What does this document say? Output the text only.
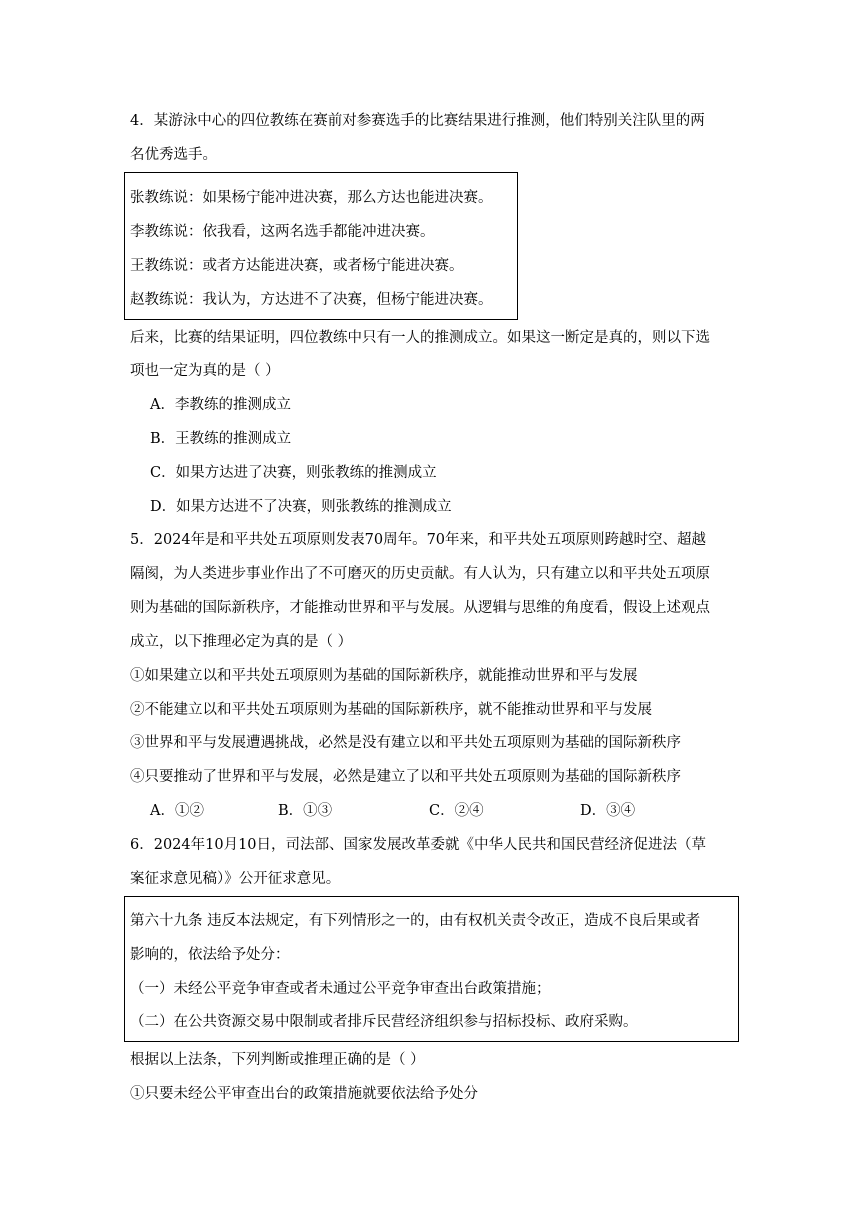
4．某游泳中心的四位教练在赛前对参赛选手的比赛结果进行推测，他们特别关注队里的两
名优秀选手。
张教练说：如果杨宁能冲进决赛，那么方达也能进决赛。
李教练说：依我看，这两名选手都能冲进决赛。
王教练说：或者方达能进决赛，或者杨宁能进决赛。
赵教练说：我认为，方达进不了决赛，但杨宁能进决赛。
后来，比赛的结果证明，四位教练中只有一人的推测成立。如果这一断定是真的，则以下选
项也一定为真的是（ ）
A．李教练的推测成立
B．王教练的推测成立
C．如果方达进了决赛，则张教练的推测成立
D．如果方达进不了决赛，则张教练的推测成立
5．2024年是和平共处五项原则发表70周年。70年来，和平共处五项原则跨越时空、超越
隔阂，为人类进步事业作出了不可磨灭的历史贡献。有人认为，只有建立以和平共处五项原
则为基础的国际新秩序，才能推动世界和平与发展。从逻辑与思维的角度看，假设上述观点
成立，以下推理必定为真的是（ ）
①如果建立以和平共处五项原则为基础的国际新秩序，就能推动世界和平与发展
②不能建立以和平共处五项原则为基础的国际新秩序，就不能推动世界和平与发展
③世界和平与发展遭遇挑战，必然是没有建立以和平共处五项原则为基础的国际新秩序
④只要推动了世界和平与发展，必然是建立了以和平共处五项原则为基础的国际新秩序
A．①②	B．①③	C．②④	D．③④
6．2024年10月10日，司法部、国家发展改革委就《中华人民共和国民营经济促进法（草
案征求意见稿）》公开征求意见。
第六十九条 违反本法规定，有下列情形之一的，由有权机关责令改正，造成不良后果或者
影响的，依法给予处分：
（一）未经公平竞争审查或者未通过公平竞争审查出台政策措施；
（二）在公共资源交易中限制或者排斥民营经济组织参与招标投标、政府采购。
根据以上法条，下列判断或推理正确的是（ ）
①只要未经公平审查出台的政策措施就要依法给予处分
